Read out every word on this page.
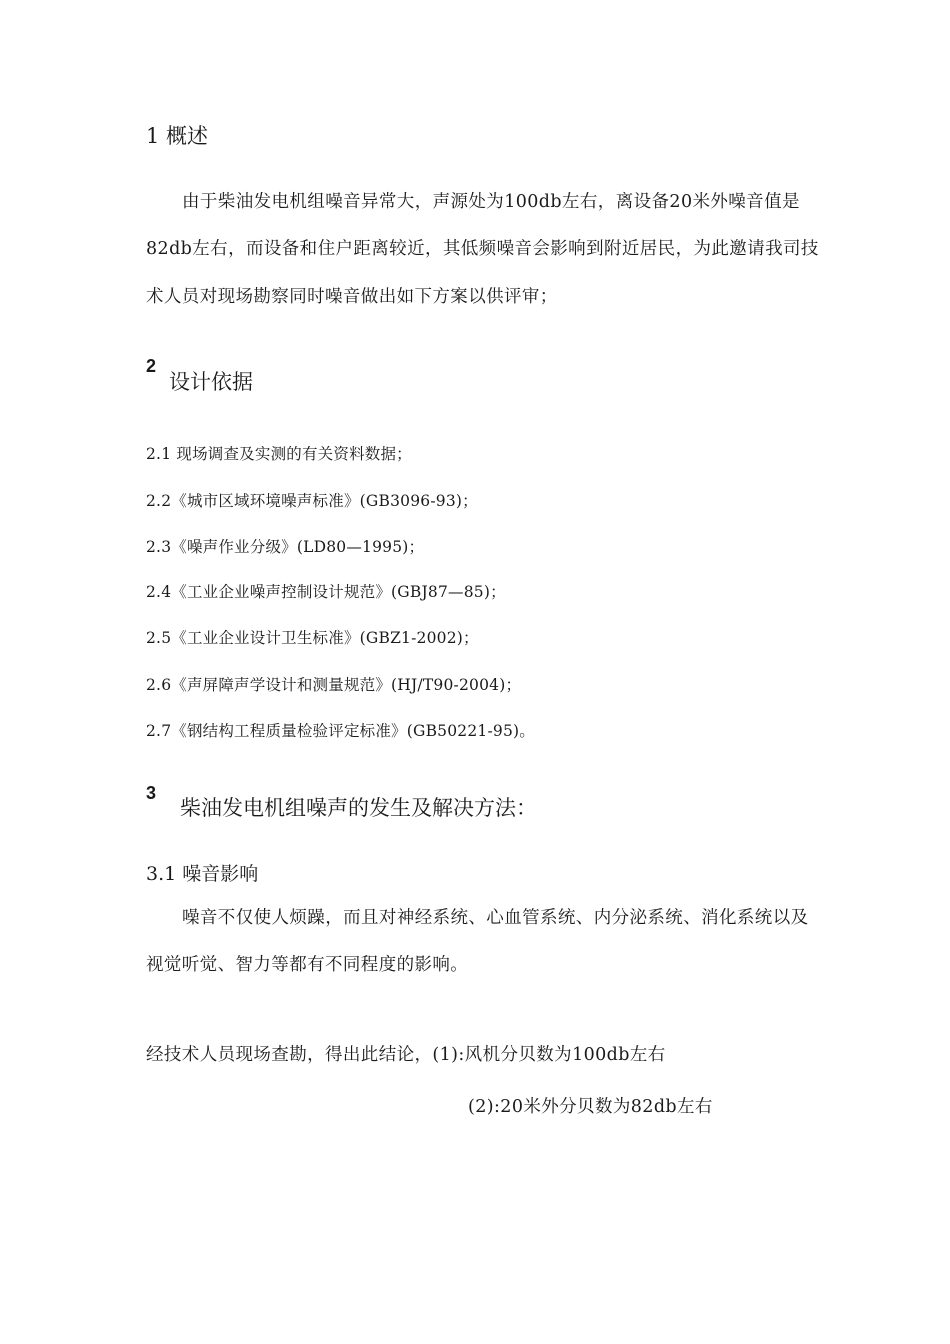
1 概述
由于柴油发电机组噪音异常大，声源处为100db左右，离设备20米外噪音值是
82db左右，而设备和住户距离较近，其低频噪音会影响到附近居民，为此邀请我司技
术人员对现场勘察同时噪音做出如下方案以供评审；
2
设计依据
2.1 现场调查及实测的有关资料数据；
2.2《城市区域环境噪声标准》(GB3096-93)；
2.3《噪声作业分级》(LD80—1995)；
2.4《工业企业噪声控制设计规范》(GBJ87—85)；
2.5《工业企业设计卫生标准》(GBZ1-2002)；
2.6《声屏障声学设计和测量规范》(HJ/T90-2004)；
2.7《钢结构工程质量检验评定标准》(GB50221-95)。
3
柴油发电机组噪声的发生及解决方法：
3.1 噪音影响
噪音不仅使人烦躁，而且对神经系统、心血管系统、内分泌系统、消化系统以及
视觉听觉、智力等都有不同程度的影响。
经技术人员现场查勘，得出此结论，(1):风机分贝数为100db左右
(2):20米外分贝数为82db左右
